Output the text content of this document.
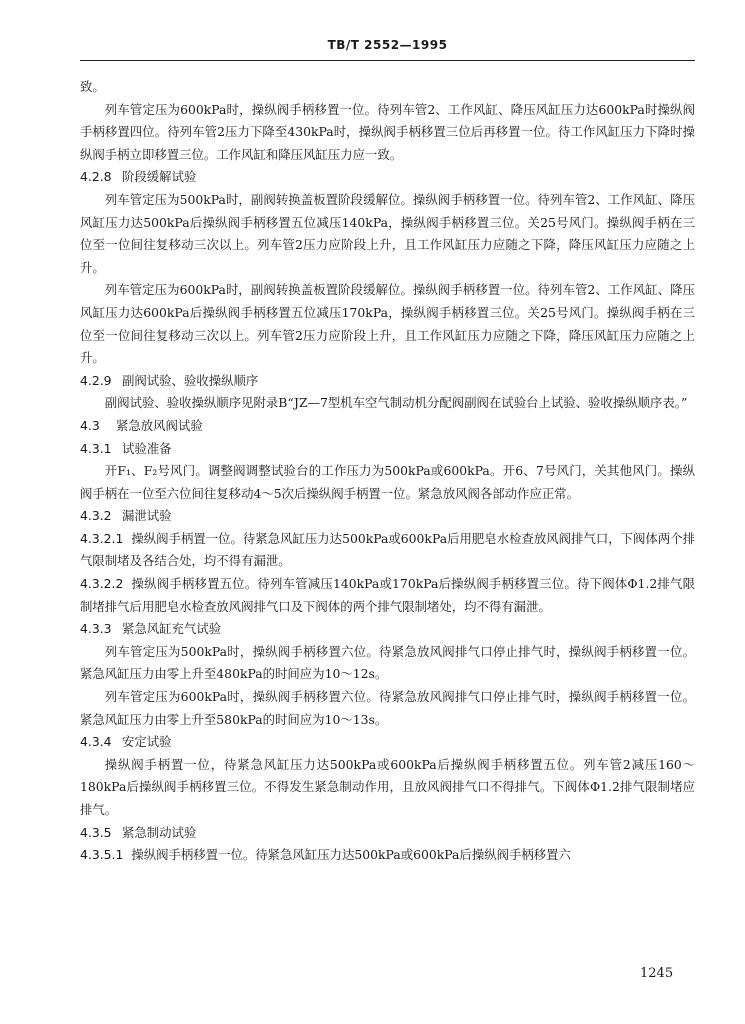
TB/T 2552—1995

致。

列车管定压为600kPa时，操纵阀手柄移置一位。待列车管2、工作风缸、降压风缸压力达600kPa时操纵阀手柄移置四位。待列车管2压力下降至430kPa时，操纵阀手柄移置三位后再移置一位。待工作风缸压力下降时操纵阀手柄立即移置三位。工作风缸和降压风缸压力应一致。

4.2.8 阶段缓解试验

列车管定压为500kPa时，副阀转换盖板置阶段缓解位。操纵阀手柄移置一位。待列车管2、工作风缸、降压风缸压力达500kPa后操纵阀手柄移置五位减压140kPa，操纵阀手柄移置三位。关25号风门。操纵阀手柄在三位至一位间往复移动三次以上。列车管2压力应阶段上升，且工作风缸压力应随之下降，降压风缸压力应随之上升。

列车管定压为600kPa时，副阀转换盖板置阶段缓解位。操纵阀手柄移置一位。待列车管2、工作风缸、降压风缸压力达600kPa后操纵阀手柄移置五位减压170kPa，操纵阀手柄移置三位。关25号风门。操纵阀手柄在三位至一位间往复移动三次以上。列车管2压力应阶段上升，且工作风缸压力应随之下降，降压风缸压力应随之上升。

4.2.9 副阀试验、验收操纵顺序

副阀试验、验收操纵顺序见附录B“JZ—7型机车空气制动机分配阀副阀在试验台上试验、验收操纵顺序表。”

4.3 紧急放风阀试验

4.3.1 试验准备

开F₁、F₂号风门。调整阀调整试验台的工作压力为500kPa或600kPa。开6、7号风门，关其他风门。操纵阀手柄在一位至六位间往复移动4～5次后操纵阀手柄置一位。紧急放风阀各部动作应正常。

4.3.2 漏泄试验

4.3.2.1 操纵阀手柄置一位。待紧急风缸压力达500kPa或600kPa后用肥皂水检查放风阀排气口，下阀体两个排气限制堵及各结合处，均不得有漏泄。

4.3.2.2 操纵阀手柄移置五位。待列车管减压140kPa或170kPa后操纵阀手柄移置三位。待下阀体Φ1.2排气限制堵排气后用肥皂水检查放风阀排气口及下阀体的两个排气限制堵处，均不得有漏泄。

4.3.3 紧急风缸充气试验

列车管定压为500kPa时，操纵阀手柄移置六位。待紧急放风阀排气口停止排气时，操纵阀手柄移置一位。紧急风缸压力由零上升至480kPa的时间应为10～12s。

列车管定压为600kPa时，操纵阀手柄移置六位。待紧急放风阀排气口停止排气时，操纵阀手柄移置一位。紧急风缸压力由零上升至580kPa的时间应为10～13s。

4.3.4 安定试验

操纵阀手柄置一位，待紧急风缸压力达500kPa或600kPa后操纵阀手柄移置五位。列车管2减压160～180kPa后操纵阀手柄移置三位。不得发生紧急制动作用，且放风阀排气口不得排气。下阀体Φ1.2排气限制堵应排气。

4.3.5 紧急制动试验

4.3.5.1 操纵阀手柄移置一位。待紧急风缸压力达500kPa或600kPa后操纵阀手柄移置六

1245
